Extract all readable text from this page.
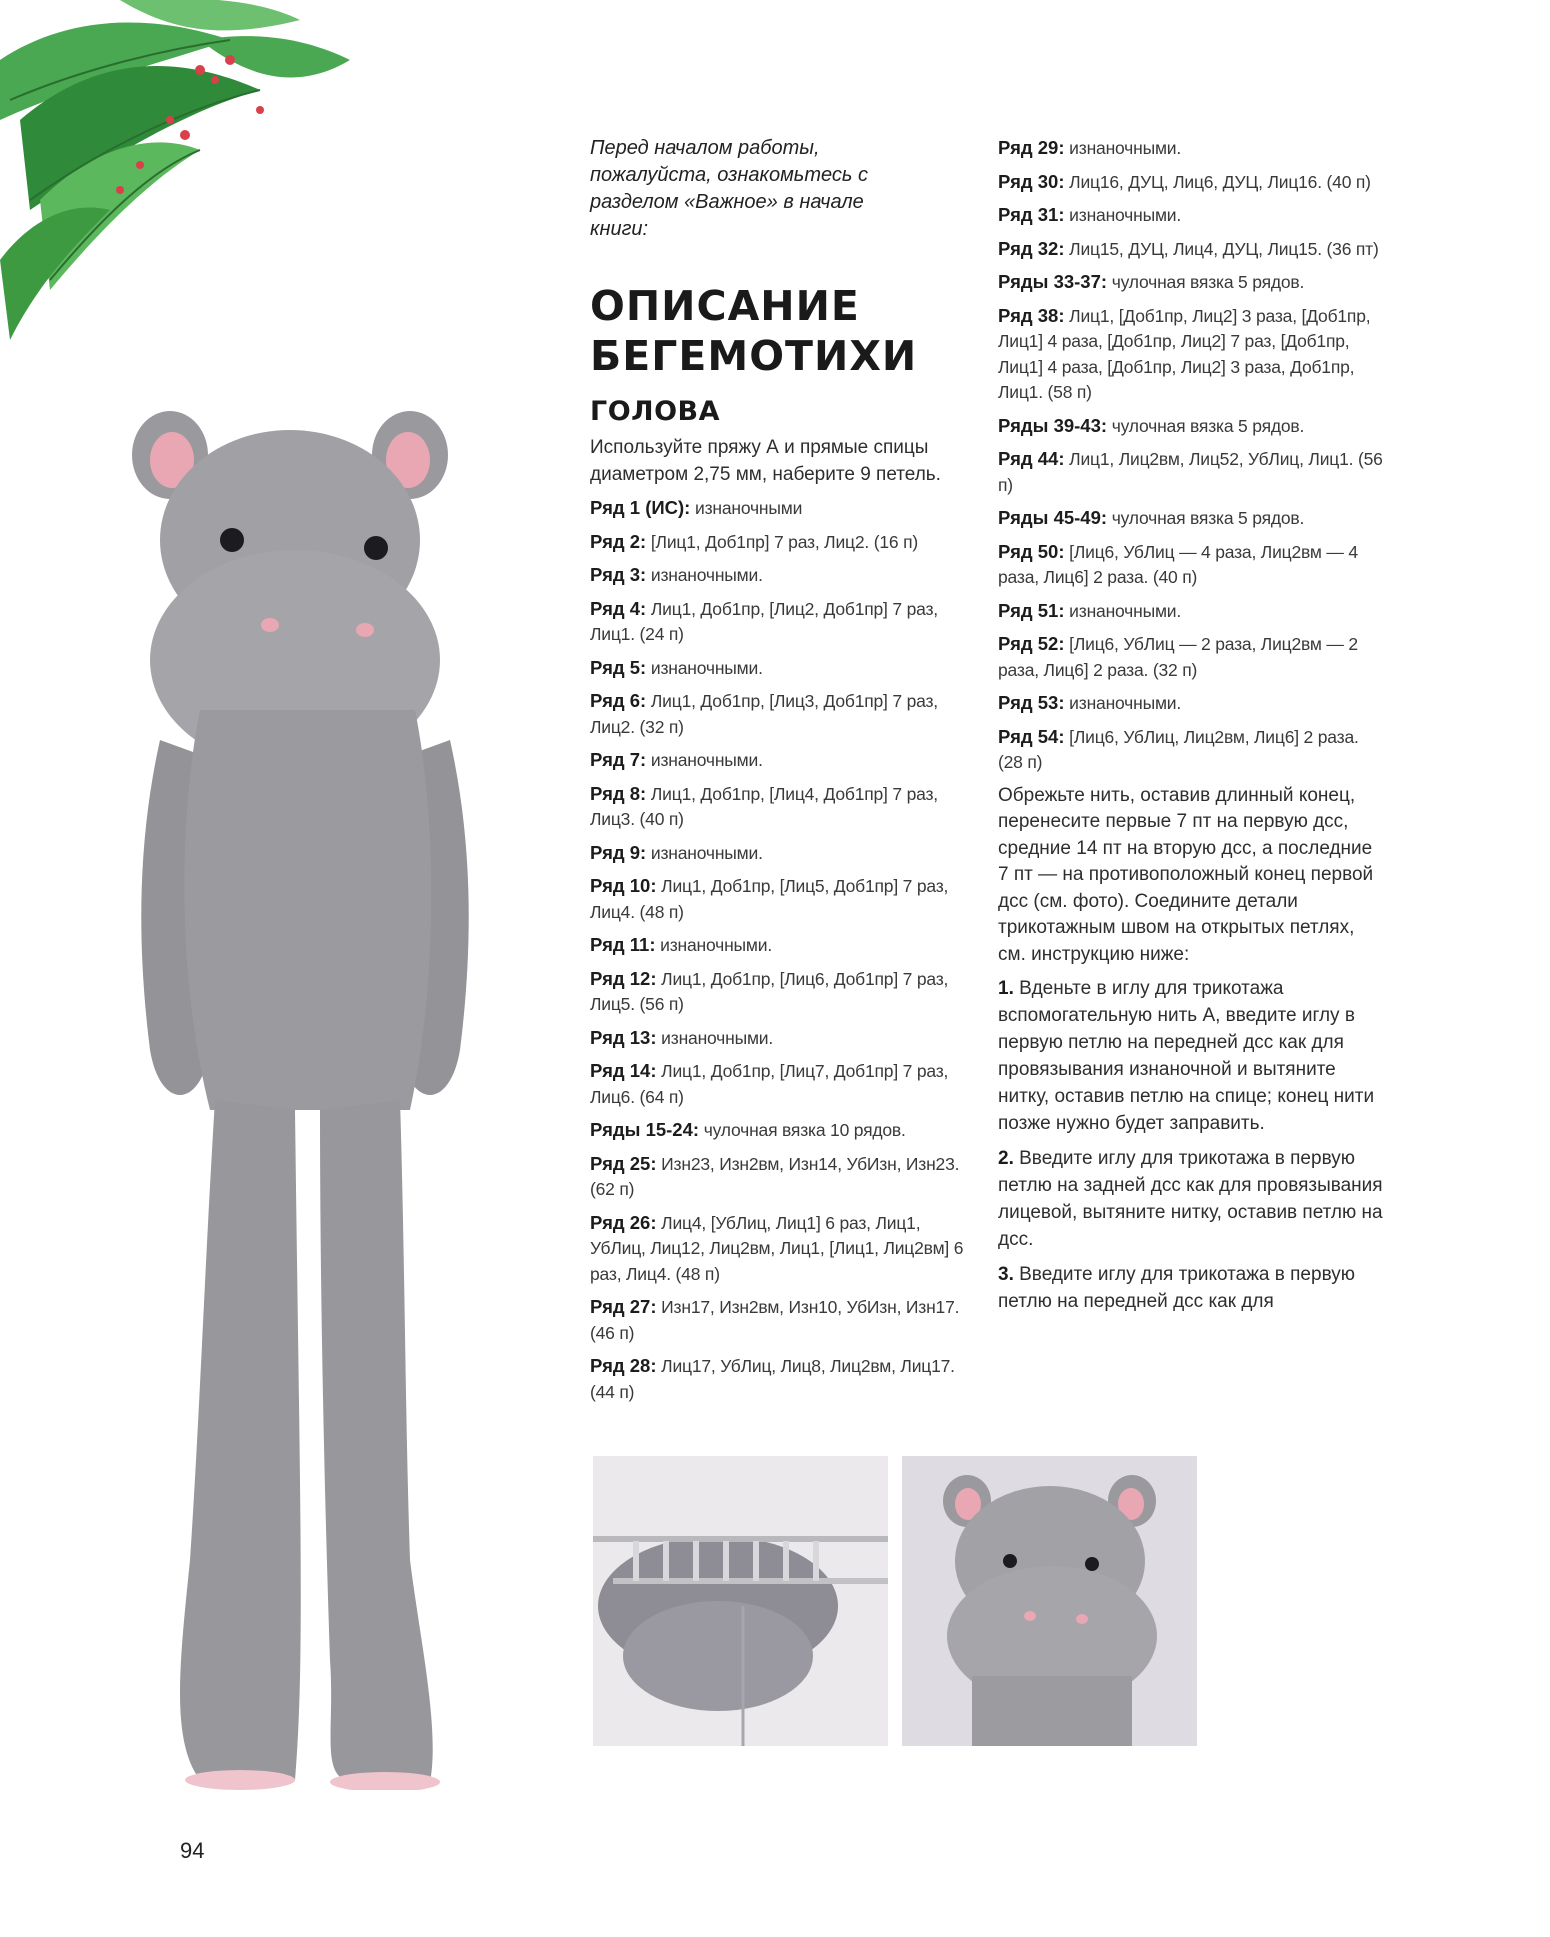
Перед началом работы, пожалуйста, ознакомьтесь с разделом «Важное» в начале книги:

ОПИСАНИЕ БЕГЕМОТИХИ
ГОЛОВА

Используйте пряжу А и прямые спицы диаметром 2,75 мм, наберите 9 петель.

Ряд 1 (ИС): изнаночными

Ряд 2: [Лиц1, Доб1пр] 7 раз, Лиц2. (16 п)

Ряд 3: изнаночными.

Ряд 4: Лиц1, Доб1пр, [Лиц2, Доб1пр] 7 раз, Лиц1. (24 п)

Ряд 5: изнаночными.

Ряд 6: Лиц1, Доб1пр, [Лиц3, Доб1пр] 7 раз, Лиц2. (32 п)

Ряд 7: изнаночными.

Ряд 8: Лиц1, Доб1пр, [Лиц4, Доб1пр] 7 раз, Лиц3. (40 п)

Ряд 9: изнаночными.

Ряд 10: Лиц1, Доб1пр, [Лиц5, Доб1пр] 7 раз, Лиц4. (48 п)

Ряд 11: изнаночными.

Ряд 12: Лиц1, Доб1пр, [Лиц6, Доб1пр] 7 раз, Лиц5. (56 п)

Ряд 13: изнаночными.

Ряд 14: Лиц1, Доб1пр, [Лиц7, Доб1пр] 7 раз, Лиц6. (64 п)

Ряды 15-24: чулочная вязка 10 рядов.

Ряд 25: Изн23, Изн2вм, Изн14, УбИзн, Изн23. (62 п)

Ряд 26: Лиц4, [УбЛиц, Лиц1] 6 раз, Лиц1, УбЛиц, Лиц12, Лиц2вм, Лиц1, [Лиц1, Лиц2вм] 6 раз, Лиц4. (48 п)

Ряд 27: Изн17, Изн2вм, Изн10, УбИзн, Изн17. (46 п)

Ряд 28: Лиц17, УбЛиц, Лиц8, Лиц2вм, Лиц17. (44 п)

Ряд 29: изнаночными.

Ряд 30: Лиц16, ДУЦ, Лиц6, ДУЦ, Лиц16. (40 п)

Ряд 31: изнаночными.

Ряд 32: Лиц15, ДУЦ, Лиц4, ДУЦ, Лиц15. (36 пт)

Ряды 33-37: чулочная вязка 5 рядов.

Ряд 38: Лиц1, [Доб1пр, Лиц2] 3 раза, [Доб1пр, Лиц1] 4 раза, [Доб1пр, Лиц2] 7 раз, [Доб1пр, Лиц1] 4 раза, [Доб1пр, Лиц2] 3 раза, Доб1пр, Лиц1. (58 п)

Ряды 39-43: чулочная вязка 5 рядов.

Ряд 44: Лиц1, Лиц2вм, Лиц52, УбЛиц, Лиц1. (56 п)

Ряды 45-49: чулочная вязка 5 рядов.

Ряд 50: [Лиц6, УбЛиц — 4 раза, Лиц2вм — 4 раза, Лиц6] 2 раза. (40 п)

Ряд 51: изнаночными.

Ряд 52: [Лиц6, УбЛиц — 2 раза, Лиц2вм — 2 раза, Лиц6] 2 раза. (32 п)

Ряд 53: изнаночными.

Ряд 54: [Лиц6, УбЛиц, Лиц2вм, Лиц6] 2 раза. (28 п)

Обрежьте нить, оставив длинный конец, перенесите первые 7 пт на первую дсс, средние 14 пт на вторую дсс, а последние 7 пт — на противоположный конец первой дсс (см. фото). Соедините детали трикотажным швом на открытых петлях, см. инструкцию ниже:

1. Вденьте в иглу для трикотажа вспомогательную нить А, введите иглу в первую петлю на передней дсс как для провязывания изнаночной и вытяните нитку, оставив петлю на спице; конец нити позже нужно будет заправить.

2. Введите иглу для трикотажа в первую петлю на задней дсс как для провязывания лицевой, вытяните нитку, оставив петлю на дсс.

3. Введите иглу для трикотажа в первую петлю на передней дсс как для

94
